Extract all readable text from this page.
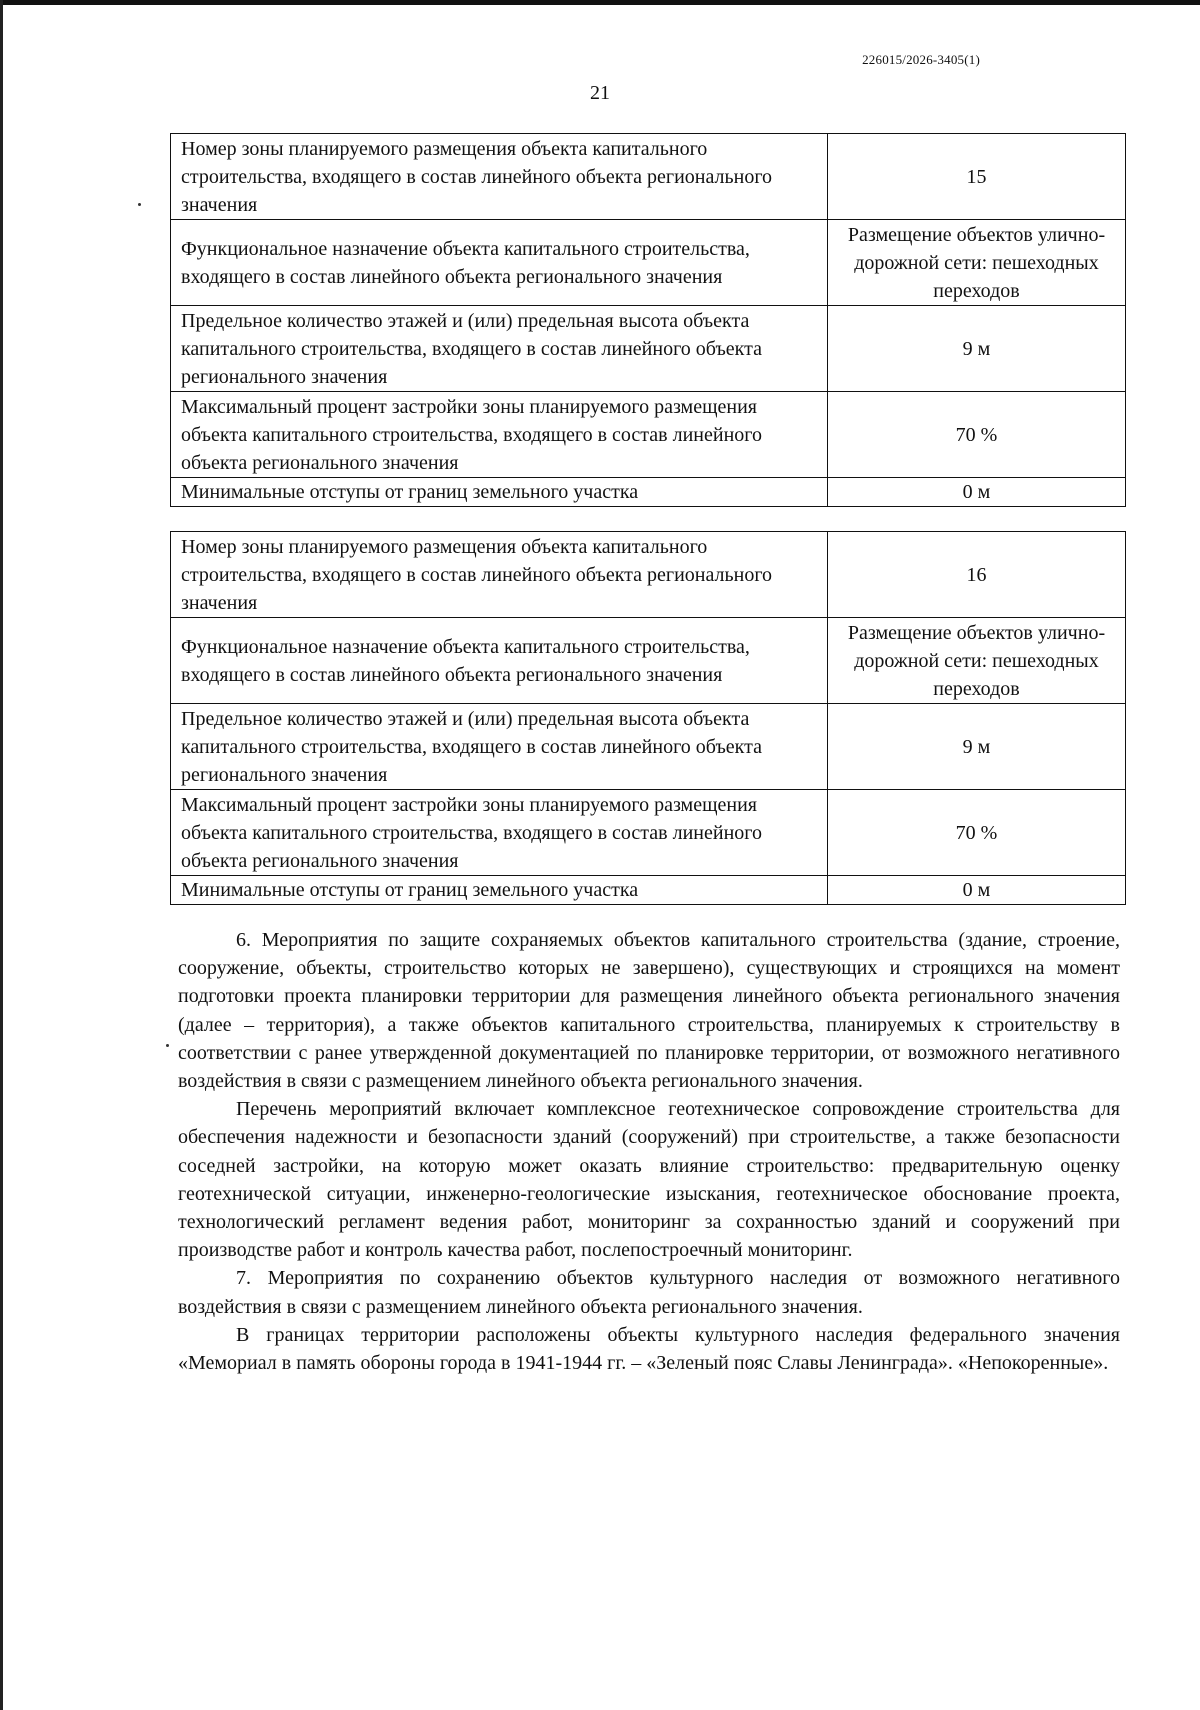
226015/2026-3405(1)
21
Номер зоны планируемого размещения объекта капитального строительства, входящего в состав линейного объекта регионального значения	15
Функциональное назначение объекта капитального строительства, входящего в состав линейного объекта регионального значения	Размещение объектов улично-дорожной сети: пешеходных переходов
Предельное количество этажей и (или) предельная высота объекта капитального строительства, входящего в состав линейного объекта регионального значения	9 м
Максимальный процент застройки зоны планируемого размещения объекта капитального строительства, входящего в состав линейного объекта регионального значения	70 %
Минимальные отступы от границ земельного участка	0 м
Номер зоны планируемого размещения объекта капитального строительства, входящего в состав линейного объекта регионального значения	16
Функциональное назначение объекта капитального строительства, входящего в состав линейного объекта регионального значения	Размещение объектов улично-дорожной сети: пешеходных переходов
Предельное количество этажей и (или) предельная высота объекта капитального строительства, входящего в состав линейного объекта регионального значения	9 м
Максимальный процент застройки зоны планируемого размещения объекта капитального строительства, входящего в состав линейного объекта регионального значения	70 %
Минимальные отступы от границ земельного участка	0 м

6. Мероприятия по защите сохраняемых объектов капитального строительства (здание, строение, сооружение, объекты, строительство которых не завершено), существующих и строящихся на момент подготовки проекта планировки территории для размещения линейного объекта регионального значения (далее – территория), а также объектов капитального строительства, планируемых к строительству в соответствии с ранее утвержденной документацией по планировке территории, от возможного негативного воздействия в связи с размещением линейного объекта регионального значения.

Перечень мероприятий включает комплексное геотехническое сопровождение строительства для обеспечения надежности и безопасности зданий (сооружений) при строительстве, а также безопасности соседней застройки, на которую может оказать влияние строительство: предварительную оценку геотехнической ситуации, инженерно-геологические изыскания, геотехническое обоснование проекта, технологический регламент ведения работ, мониторинг за сохранностью зданий и сооружений при производстве работ и контроль качества работ, послепостроечный мониторинг.

7. Мероприятия по сохранению объектов культурного наследия от возможного негативного воздействия в связи с размещением линейного объекта регионального значения.

В границах территории расположены объекты культурного наследия федерального значения «Мемориал в память обороны города в 1941-1944 гг. – «Зеленый пояс Славы Ленинграда». «Непокоренные».
